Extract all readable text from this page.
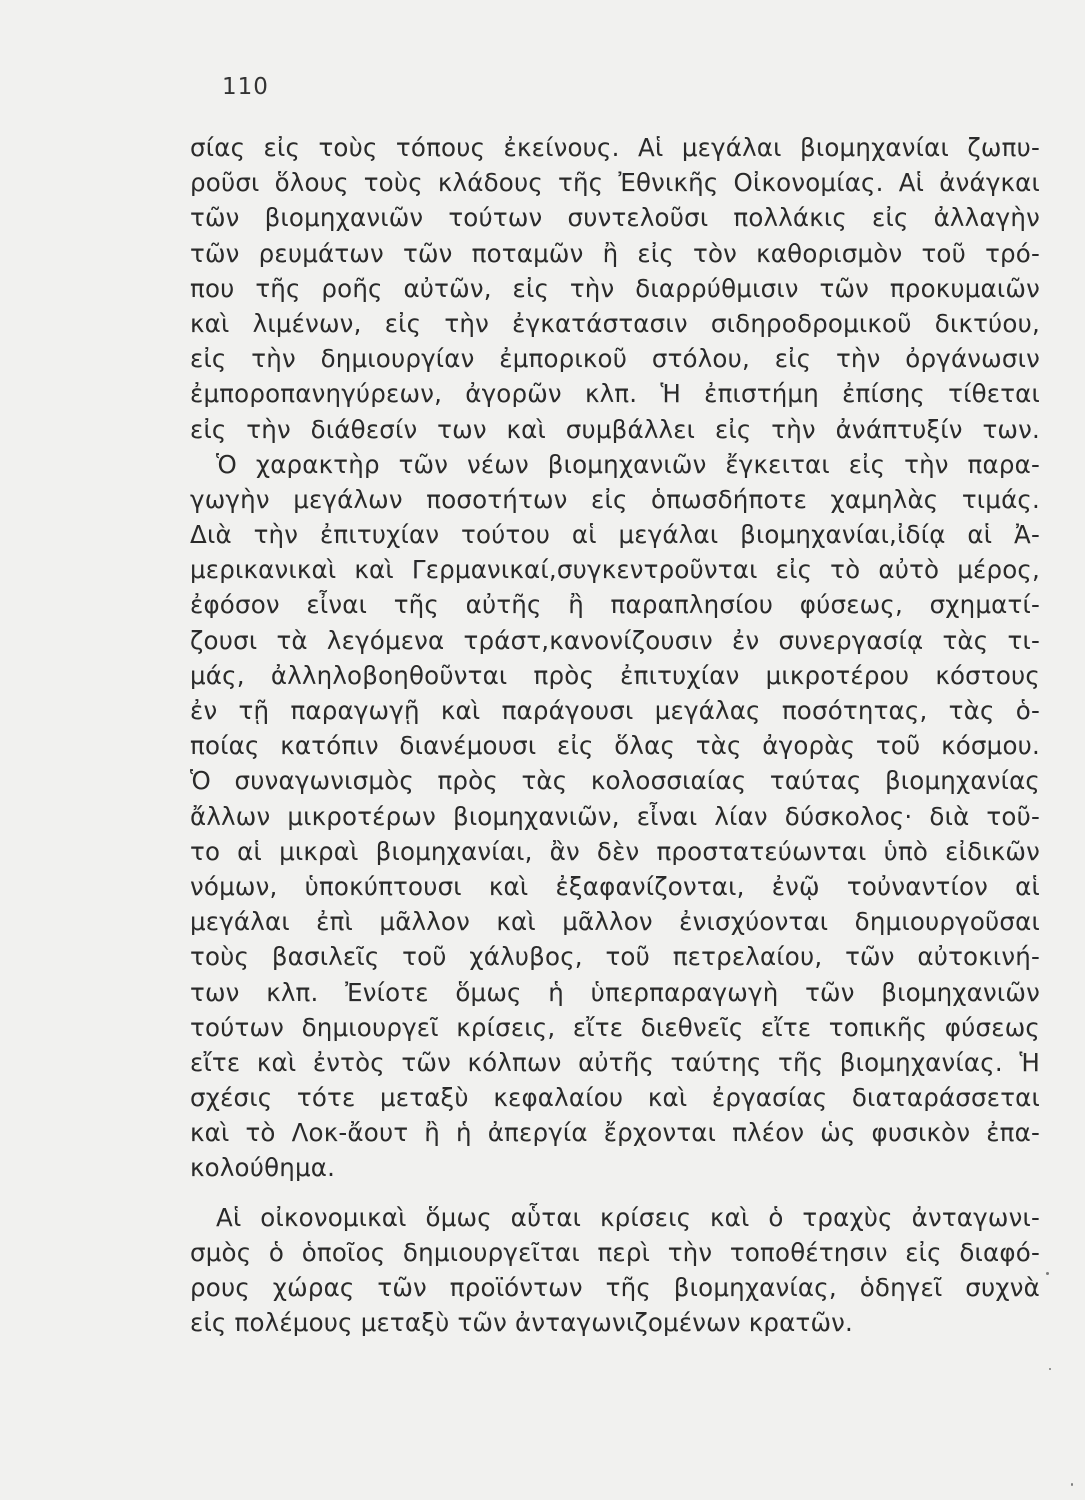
110
σίας εἰς τοὺς τόπους ἐκείνους. Αἱ μεγάλαι βιομηχανίαι ζωπυ-
ροῦσι ὅλους τοὺς κλάδους τῆς Ἐθνικῆς Οἰκονομίας. Αἱ ἀνάγκαι
τῶν βιομηχανιῶν τούτων συντελοῦσι πολλάκις εἰς ἀλλαγὴν
τῶν ρευμάτων τῶν ποταμῶν ἢ εἰς τὸν καθορισμὸν τοῦ τρό-
που τῆς ροῆς αὐτῶν, εἰς τὴν διαρρύθμισιν τῶν προκυμαιῶν
καὶ λιμένων, εἰς τὴν ἐγκατάστασιν σιδηροδρομικοῦ δικτύου,
εἰς τὴν δημιουργίαν ἐμπορικοῦ στόλου, εἰς τὴν ὀργάνωσιν
ἐμποροπανηγύρεων, ἀγορῶν κλπ. Ἡ ἐπιστήμη ἐπίσης τίθεται
εἰς τὴν διάθεσίν των καὶ συμβάλλει εἰς τὴν ἀνάπτυξίν των.
Ὁ χαρακτὴρ τῶν νέων βιομηχανιῶν ἔγκειται εἰς τὴν παρα-
γωγὴν μεγάλων ποσοτήτων εἰς ὁπωσδήποτε χαμηλὰς τιμάς.
Διὰ τὴν ἐπιτυχίαν τούτου αἱ μεγάλαι βιομηχανίαι,ἰδίᾳ αἱ Ἀ-
μερικανικαὶ καὶ Γερμανικαί,συγκεντροῦνται εἰς τὸ αὐτὸ μέρος,
ἐφόσον εἶναι τῆς αὐτῆς ἢ παραπλησίου φύσεως, σχηματί-
ζουσι τὰ λεγόμενα τράστ,κανονίζουσιν ἐν συνεργασίᾳ τὰς τι-
μάς, ἀλληλοβοηθοῦνται πρὸς ἐπιτυχίαν μικροτέρου κόστους
ἐν τῇ παραγωγῇ καὶ παράγουσι μεγάλας ποσότητας, τὰς ὁ-
ποίας κατόπιν διανέμουσι εἰς ὅλας τὰς ἀγορὰς τοῦ κόσμου.
Ὁ συναγωνισμὸς πρὸς τὰς κολοσσιαίας ταύτας βιομηχανίας
ἄλλων μικροτέρων βιομηχανιῶν, εἶναι λίαν δύσκολος· διὰ τοῦ-
το αἱ μικραὶ βιομηχανίαι, ἂν δὲν προστατεύωνται ὑπὸ εἰδικῶν
νόμων, ὑποκύπτουσι καὶ ἐξαφανίζονται, ἐνῷ τοὐναντίον αἱ
μεγάλαι ἐπὶ μᾶλλον καὶ μᾶλλον ἐνισχύονται δημιουργοῦσαι
τοὺς βασιλεῖς τοῦ χάλυβος, τοῦ πετρελαίου, τῶν αὐτοκινή-
των κλπ. Ἐνίοτε ὅμως ἡ ὑπερπαραγωγὴ τῶν βιομηχανιῶν
τούτων δημιουργεῖ κρίσεις, εἴτε διεθνεῖς εἴτε τοπικῆς φύσεως
εἴτε καὶ ἐντὸς τῶν κόλπων αὐτῆς ταύτης τῆς βιομηχανίας. Ἡ
σχέσις τότε μεταξὺ κεφαλαίου καὶ ἐργασίας διαταράσσεται
καὶ τὸ Λοκ-ἄουτ ἢ ἡ ἀπεργία ἔρχονται πλέον ὡς φυσικὸν ἐπα-
κολούθημα.
Αἱ οἰκονομικαὶ ὅμως αὗται κρίσεις καὶ ὁ τραχὺς ἀνταγωνι-
σμὸς ὁ ὁποῖος δημιουργεῖται περὶ τὴν τοποθέτησιν εἰς διαφό-
ρους χώρας τῶν προϊόντων τῆς βιομηχανίας, ὁδηγεῖ συχνὰ
εἰς πολέμους μεταξὺ τῶν ἀνταγωνιζομένων κρατῶν.
